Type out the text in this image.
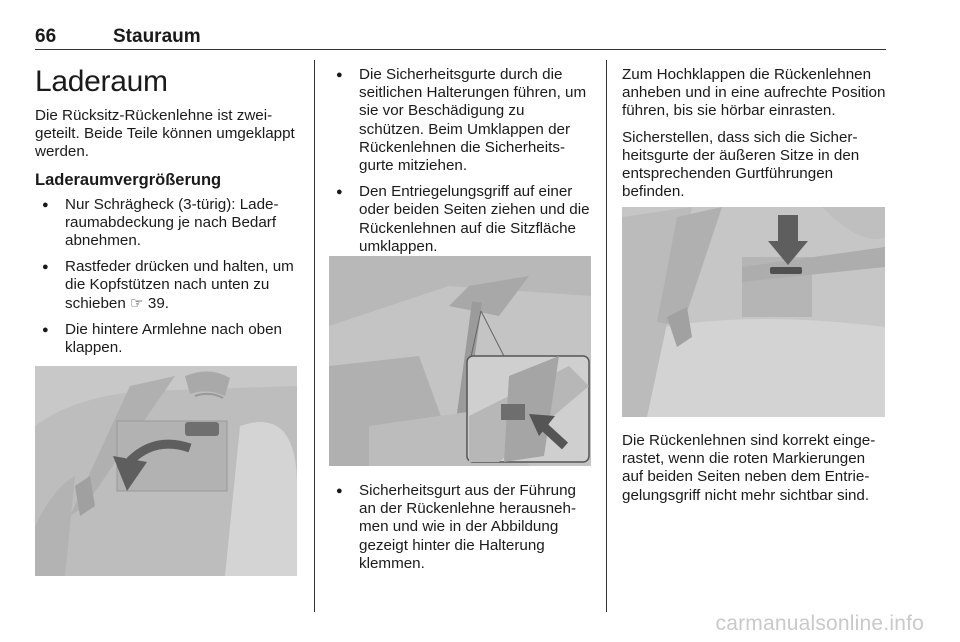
66	Stauraum
Laderaum

Die Rücksitz-Rückenlehne ist zweigeteilt. Beide Teile können umgeklappt werden.

Laderaumvergrößerung
● Nur Schrägheck (3-türig): Laderaumabdeckung je nach Bedarf abnehmen.
● Rastfeder drücken und halten, um die Kopfstützen nach unten zu schieben ☞ 39.
● Die hintere Armlehne nach oben klappen.
● Die Sicherheitsgurte durch die seitlichen Halterungen führen, um sie vor Beschädigung zu schützen. Beim Umklappen der Rückenlehnen die Sicherheitsgurte mitziehen.
● Den Entriegelungsgriff auf einer oder beiden Seiten ziehen und die Rückenlehnen auf die Sitzfläche umklappen.
● Sicherheitsgurt aus der Führung an der Rückenlehne herausnehmen und wie in der Abbildung gezeigt hinter die Halterung klemmen.

Zum Hochklappen die Rückenlehnen anheben und in eine aufrechte Position führen, bis sie hörbar einrasten.

Sicherstellen, dass sich die Sicherheitsgurte der äußeren Sitze in den entsprechenden Gurtführungen befinden.

Die Rückenlehnen sind korrekt eingerastet, wenn die roten Markierungen auf beiden Seiten neben dem Entriegelungsgriff nicht mehr sichtbar sind.

carmanualsonline.info
